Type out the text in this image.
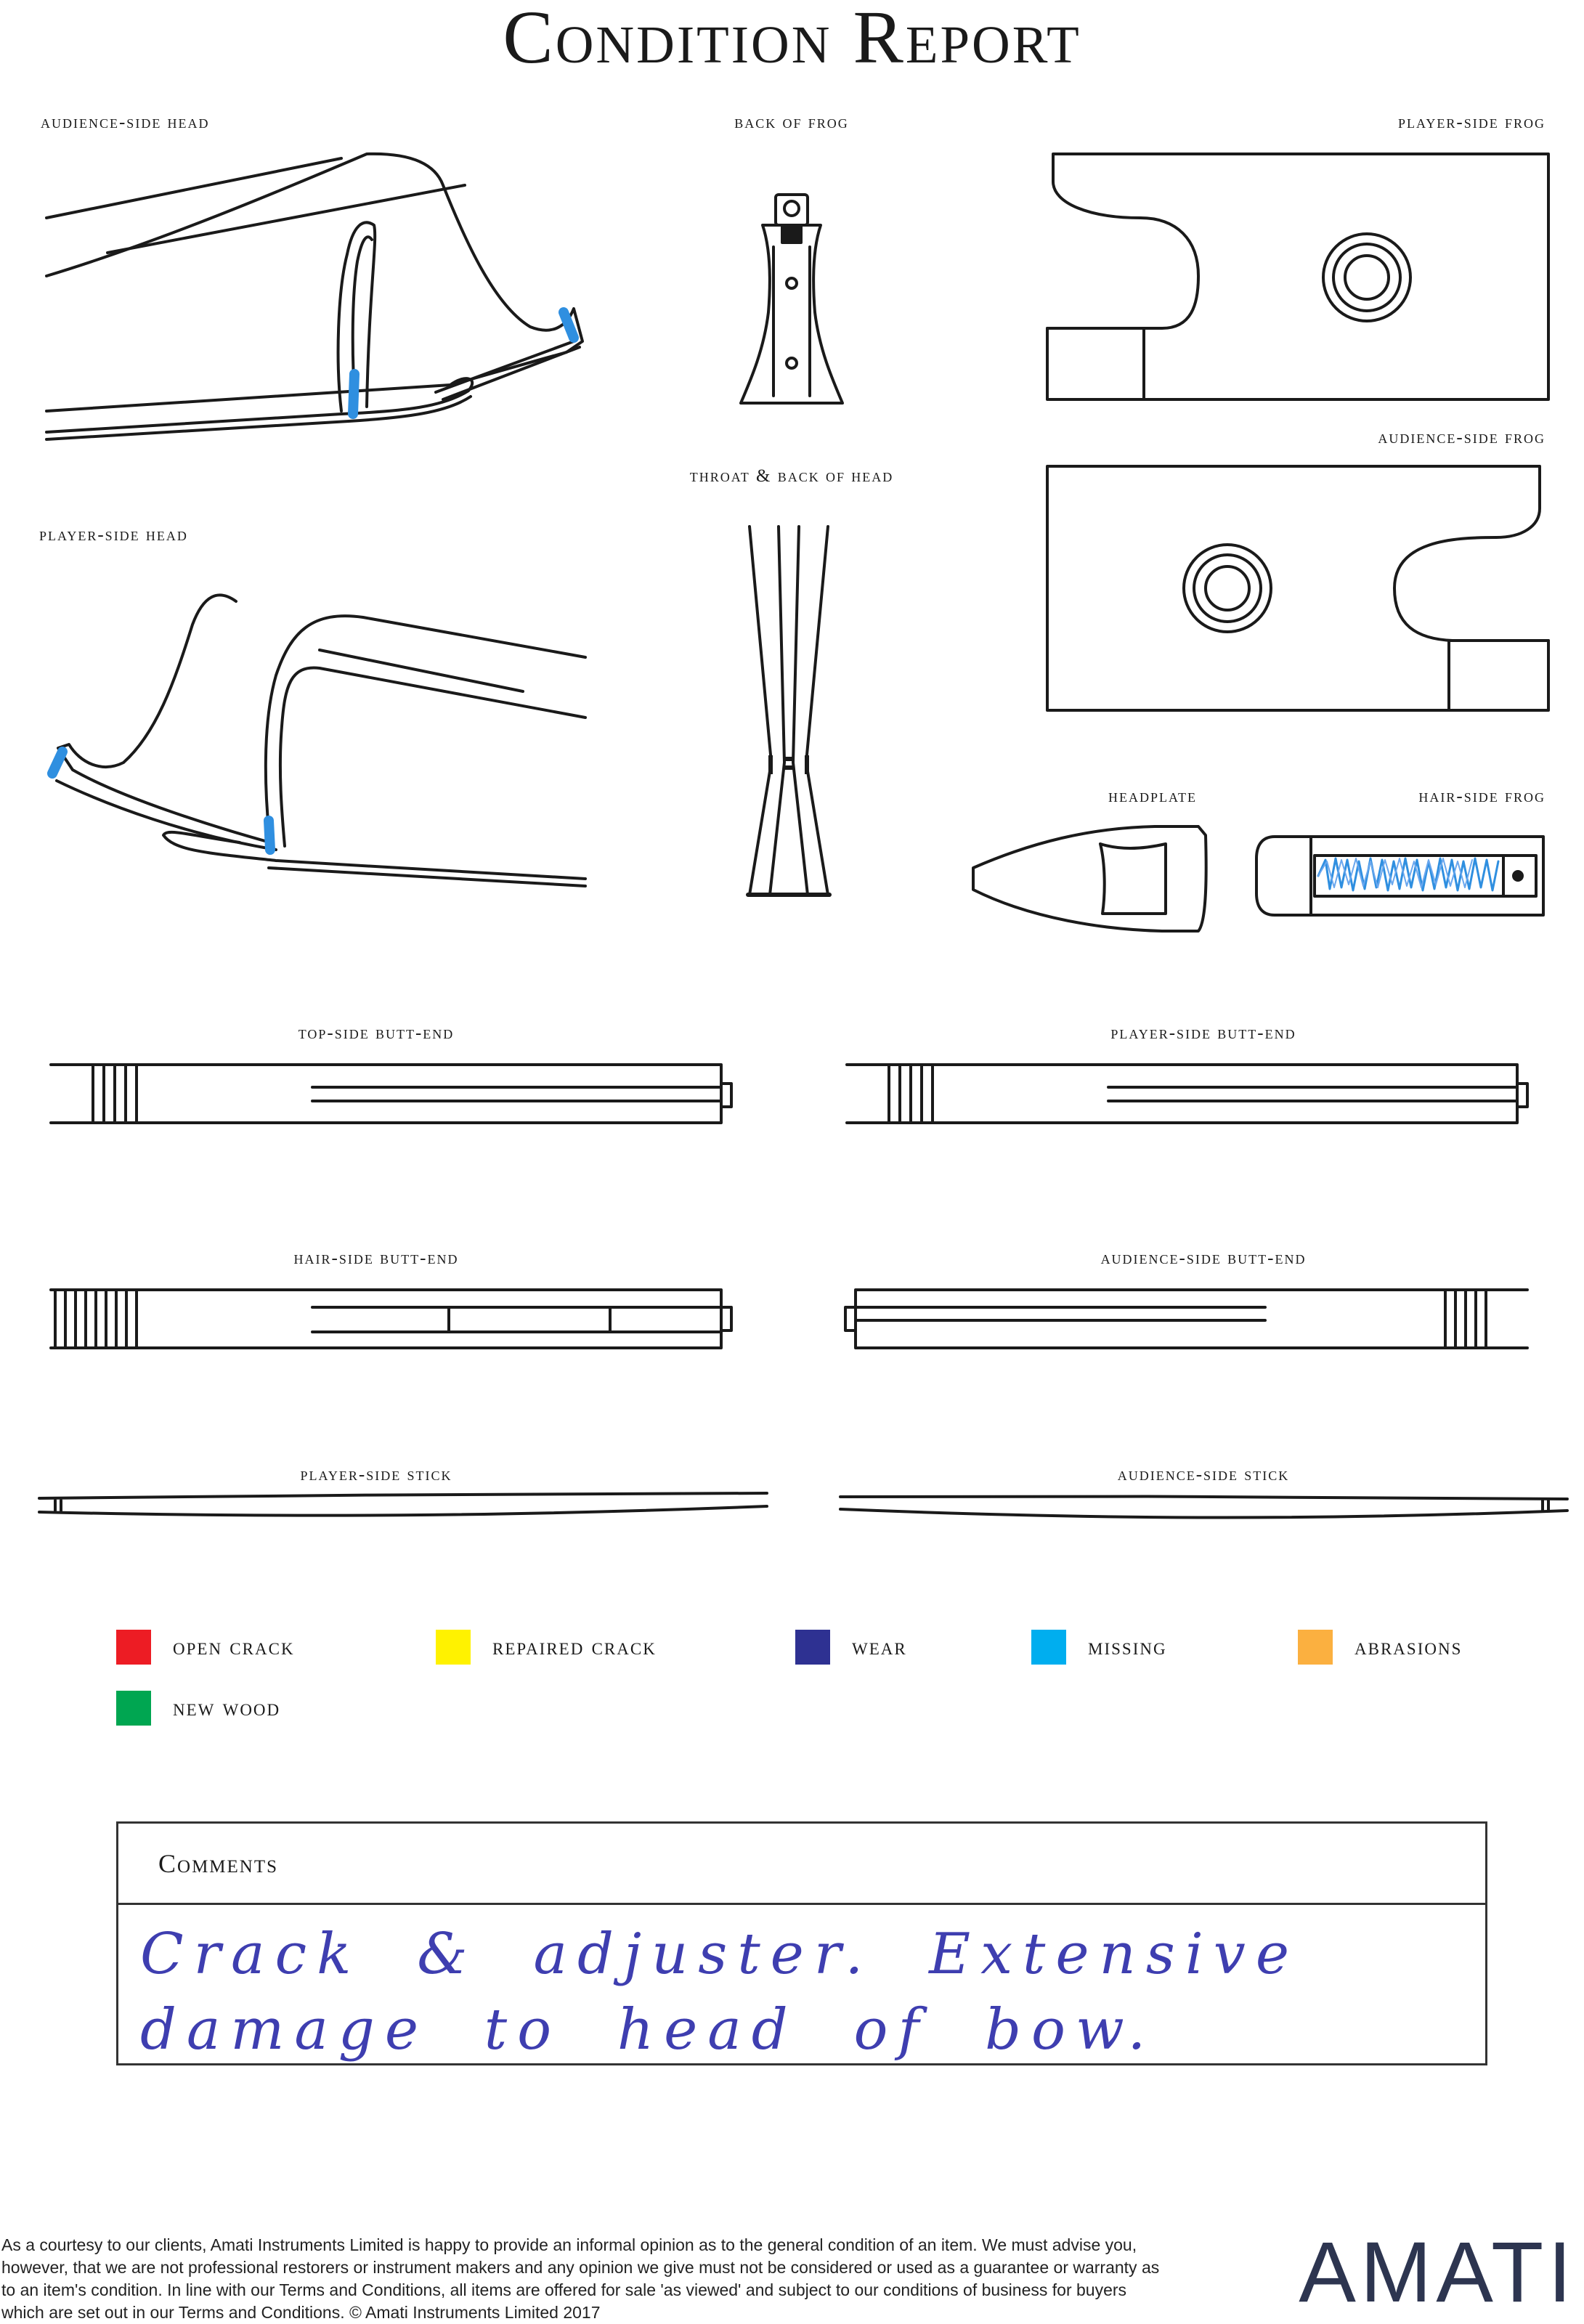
Condition Report
audience-side head	back of frog	player-side frog
audience-side frog
throat & back of head
player-side head
headplate	hair-side frog
top-side butt-end	player-side butt-end
hair-side butt-end	audience-side butt-end
player-side stick	audience-side stick
open crack	repaired crack	wear	missing	abrasions
new wood
Comments
Crack & adjuster. Extensive damage to head of bow.
As a courtesy to our clients, Amati Instruments Limited is happy to provide an informal opinion as to the general condition of an item. We must advise you, however, that we are not professional restorers or instrument makers and any opinion we give must not be considered or used as a guarantee or warranty as to an item's condition. In line with our Terms and Conditions, all items are offered for sale 'as viewed' and subject to our conditions of business for buyers which are set out in our Terms and Conditions. © Amati Instruments Limited 2017	AMATI
